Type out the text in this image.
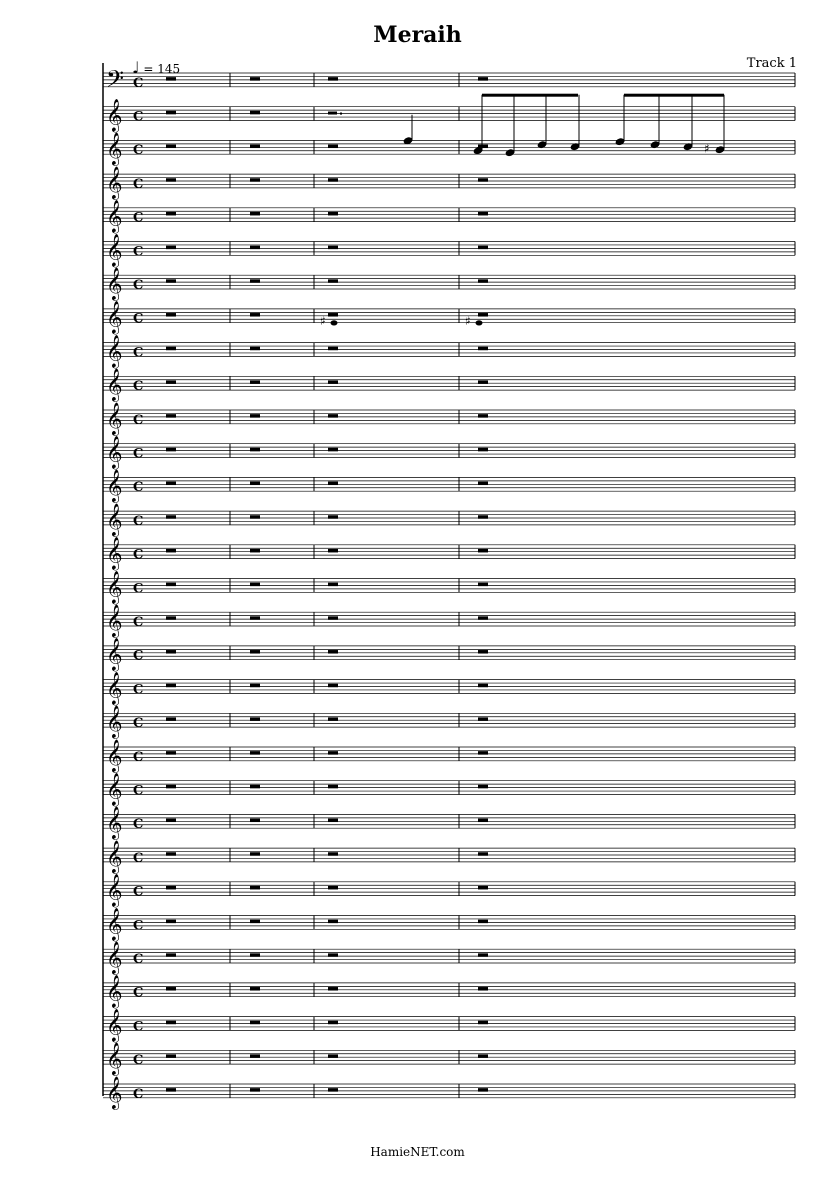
Meraih
Track 1
♩ = 145
𝄢 C
𝄞 C
𝄞 C
𝄞 C
𝄞 C
𝄞 C
𝄞 C
𝄞 C
𝄞 C
𝄞 C
𝄞 C
𝄞 C
𝄞 C
𝄞 C
𝄞 C
𝄞 C
𝄞 C
𝄞 C
𝄞 C
𝄞 C
𝄞 C
𝄞 C
𝄞 C
𝄞 C
𝄞 C
𝄞 C
𝄞 C
𝄞 C
𝄞 C
𝄞 C
𝄞 C
♯
♯	♯
HamieNET.com
